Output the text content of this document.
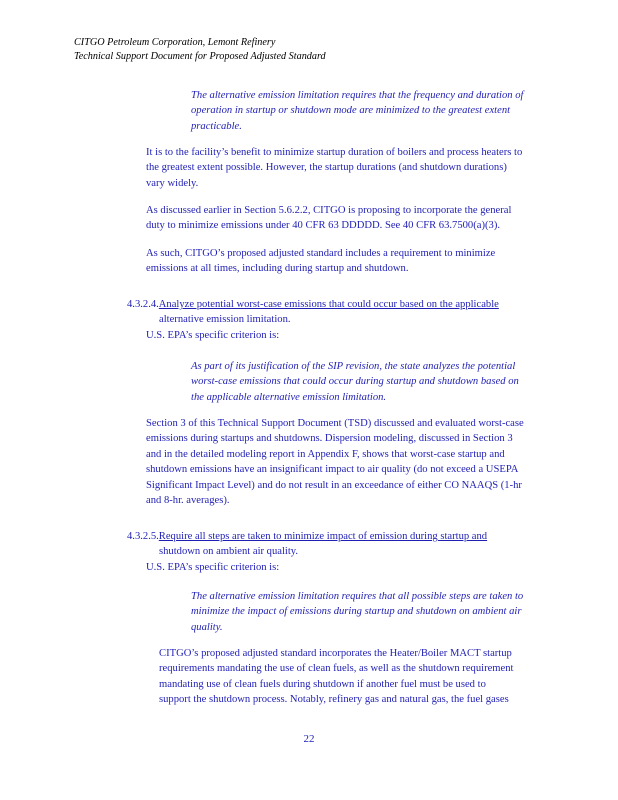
CITGO Petroleum Corporation, Lemont Refinery
Technical Support Document for Proposed Adjusted Standard
The alternative emission limitation requires that the frequency and duration of
operation in startup or shutdown mode are minimized to the greatest extent
practicable.
It is to the facility’s benefit to minimize startup duration of boilers and process heaters to
the greatest extent possible. However, the startup durations (and shutdown durations)
vary widely.
As discussed earlier in Section 5.6.2.2, CITGO is proposing to incorporate the general
duty to minimize emissions under 40 CFR 63 DDDDD. See 40 CFR 63.7500(a)(3).
As such, CITGO’s proposed adjusted standard includes a requirement to minimize
emissions at all times, including during startup and shutdown.
4.3.2.4.Analyze potential worst-case emissions that could occur based on the applicable
alternative emission limitation.
U.S. EPA’s specific criterion is:
As part of its justification of the SIP revision, the state analyzes the potential
worst-case emissions that could occur during startup and shutdown based on
the applicable alternative emission limitation.
Section 3 of this Technical Support Document (TSD) discussed and evaluated worst-case
emissions during startups and shutdowns. Dispersion modeling, discussed in Section 3
and in the detailed modeling report in Appendix F, shows that worst-case startup and
shutdown emissions have an insignificant impact to air quality (do not exceed a USEPA
Significant Impact Level) and do not result in an exceedance of either CO NAAQS (1-hr
and 8-hr. averages).
4.3.2.5.Require all steps are taken to minimize impact of emission during startup and
shutdown on ambient air quality.
U.S. EPA’s specific criterion is:
The alternative emission limitation requires that all possible steps are taken to
minimize the impact of emissions during startup and shutdown on ambient air
quality.
CITGO’s proposed adjusted standard incorporates the Heater/Boiler MACT startup
requirements mandating the use of clean fuels, as well as the shutdown requirement
mandating use of clean fuels during shutdown if another fuel must be used to
support the shutdown process. Notably, refinery gas and natural gas, the fuel gases
22
